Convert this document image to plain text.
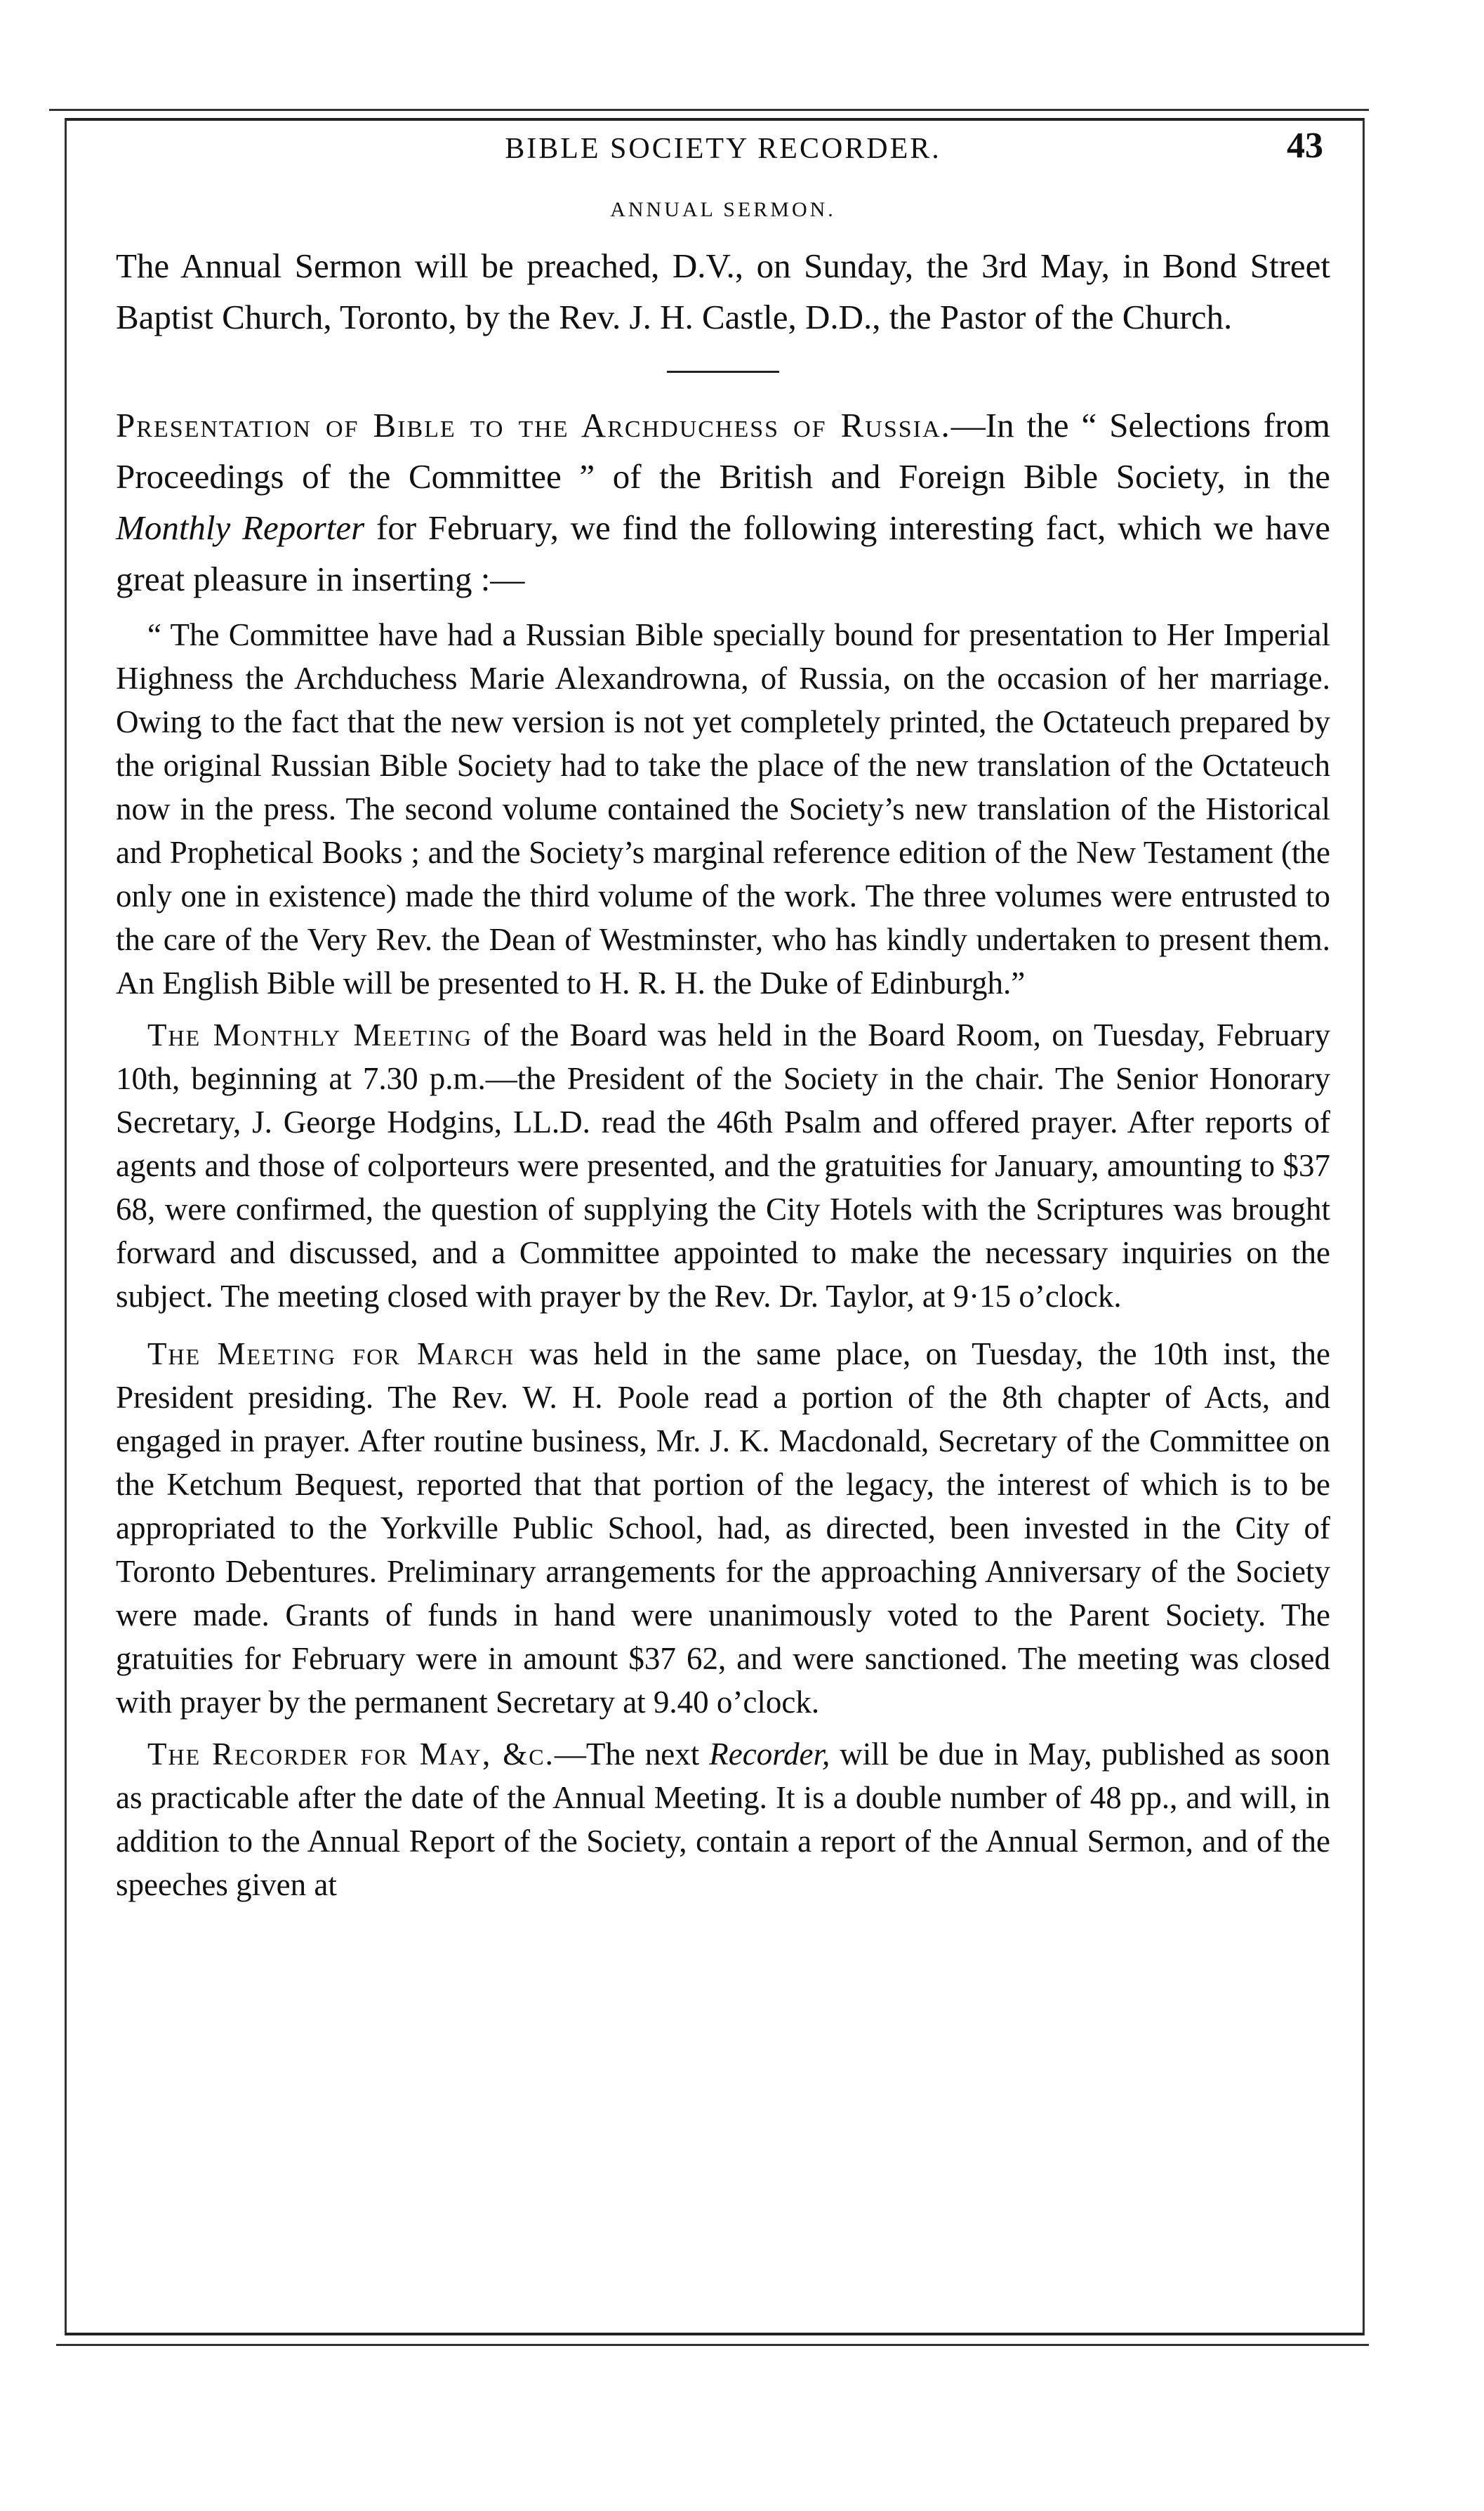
BIBLE SOCIETY RECORDER.	43
ANNUAL SERMON.

The Annual Sermon will be preached, D.V., on Sunday, the 3rd May, in Bond Street Baptist Church, Toronto, by the Rev. J. H. Castle, D.D., the Pastor of the Church.

Presentation of Bible to the Archduchess of Russia.—In the “ Selections from Proceedings of the Committee ” of the British and Foreign Bible Society, in the Monthly Reporter for February, we find the following interesting fact, which we have great pleasure in inserting :—

“ The Committee have had a Russian Bible specially bound for presentation to Her Imperial Highness the Archduchess Marie Alexandrowna, of Russia, on the occasion of her marriage. Owing to the fact that the new version is not yet completely printed, the Octateuch prepared by the original Russian Bible Society had to take the place of the new translation of the Octateuch now in the press. The second volume contained the Society’s new translation of the Historical and Prophetical Books ; and the Society’s marginal reference edition of the New Testament (the only one in existence) made the third volume of the work. The three volumes were entrusted to the care of the Very Rev. the Dean of Westminster, who has kindly undertaken to present them. An English Bible will be presented to H. R. H. the Duke of Edinburgh.”

The Monthly Meeting of the Board was held in the Board Room, on Tuesday, February 10th, beginning at 7.30 p.m.—the President of the Society in the chair. The Senior Honorary Secretary, J. George Hodgins, LL.D. read the 46th Psalm and offered prayer. After reports of agents and those of colporteurs were presented, and the gratuities for January, amounting to $37 68, were confirmed, the question of supplying the City Hotels with the Scriptures was brought forward and discussed, and a Committee appointed to make the necessary inquiries on the subject. The meeting closed with prayer by the Rev. Dr. Taylor, at 9·15 o’clock.

The Meeting for March was held in the same place, on Tuesday, the 10th inst, the President presiding. The Rev. W. H. Poole read a portion of the 8th chapter of Acts, and engaged in prayer. After routine business, Mr. J. K. Macdonald, Secretary of the Committee on the Ketchum Bequest, reported that that portion of the legacy, the interest of which is to be appropriated to the Yorkville Public School, had, as directed, been invested in the City of Toronto Debentures. Preliminary arrangements for the approaching Anniversary of the Society were made. Grants of funds in hand were unanimously voted to the Parent Society. The gratuities for February were in amount $37 62, and were sanctioned. The meeting was closed with prayer by the permanent Secretary at 9.40 o’clock.

The Recorder for May, &c.—The next Recorder, will be due in May, published as soon as practicable after the date of the Annual Meeting. It is a double number of 48 pp., and will, in addition to the Annual Report of the Society, contain a report of the Annual Sermon, and of the speeches given at
